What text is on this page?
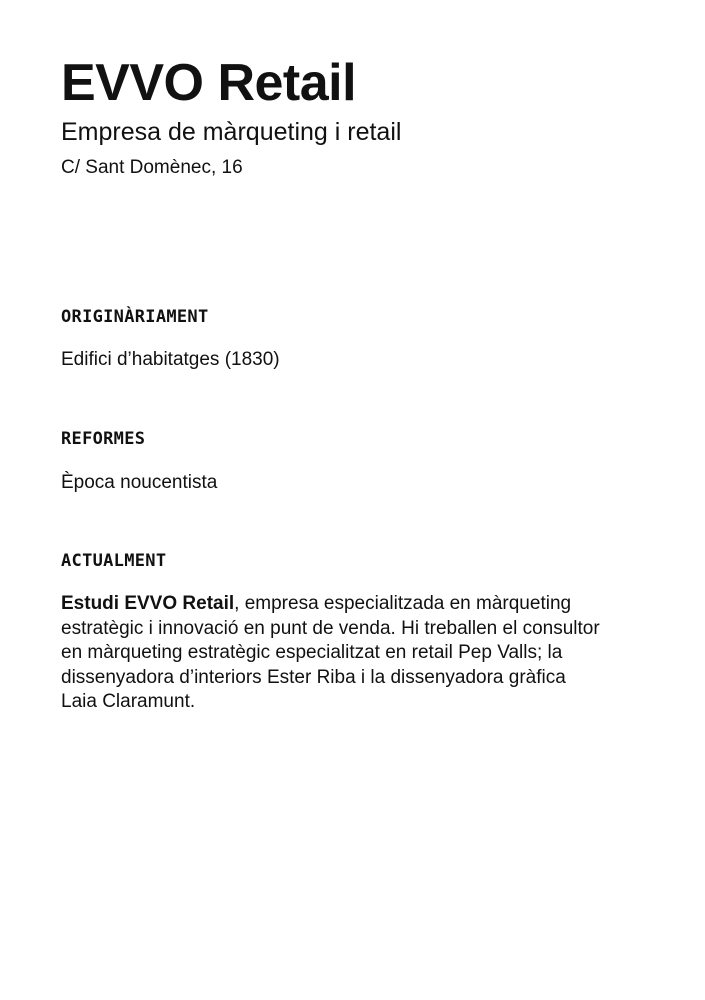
EVVO Retail

Empresa de màrqueting i retail

C/ Sant Domènec, 16

ORIGINÀRIAMENT

Edifici d’habitatges (1830)

REFORMES

Època noucentista

ACTUALMENT

Estudi EVVO Retail, empresa especialitzada en màrqueting
estratègic i innovació en punt de venda. Hi treballen el consultor
en màrqueting estratègic especialitzat en retail Pep Valls; la
dissenyadora d’interiors Ester Riba i la dissenyadora gràfica
Laia Claramunt.
